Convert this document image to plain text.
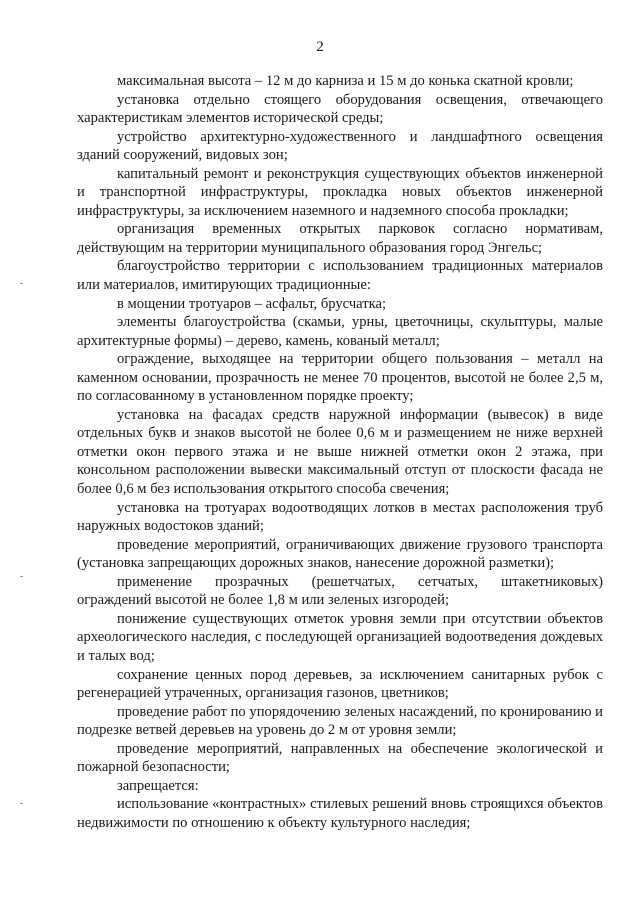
2

максимальная высота – 12 м до карниза и 15 м до конька скатной кровли;

установка отдельно стоящего оборудования освещения, отвечающего характеристикам элементов исторической среды;

устройство архитектурно-художественного и ландшафтного освещения зданий сооружений, видовых зон;

капитальный ремонт и реконструкция существующих объектов инженерной и транспортной инфраструктуры, прокладка новых объектов инженерной инфраструктуры, за исключением наземного и надземного способа прокладки;

организация временных открытых парковок согласно нормативам, действующим на территории муниципального образования город Энгельс;

благоустройство территории с использованием традиционных материалов или материалов, имитирующих традиционные:

в мощении тротуаров – асфальт, брусчатка;

элементы благоустройства (скамьи, урны, цветочницы, скульптуры, малые архитектурные формы) – дерево, камень, кованый металл;

ограждение, выходящее на территории общего пользования – металл на каменном основании, прозрачность не менее 70 процентов, высотой не более 2,5 м, по согласованному в установленном порядке проекту;

установка на фасадах средств наружной информации (вывесок) в виде отдельных букв и знаков высотой не более 0,6 м и размещением не ниже верхней отметки окон первого этажа и не выше нижней отметки окон 2 этажа, при консольном расположении вывески максимальный отступ от плоскости фасада не более 0,6 м без использования открытого способа свечения;

установка на тротуарах водоотводящих лотков в местах расположения труб наружных водостоков зданий;

проведение мероприятий, ограничивающих движение грузового транспорта (установка запрещающих дорожных знаков, нанесение дорожной разметки);

применение прозрачных (решетчатых, сетчатых, штакетниковых) ограждений высотой не более 1,8 м или зеленых изгородей;

понижение существующих отметок уровня земли при отсутствии объектов археологического наследия, с последующей организацией водоотведения дождевых и талых вод;

сохранение ценных пород деревьев, за исключением санитарных рубок с регенерацией утраченных, организация газонов, цветников;

проведение работ по упорядочению зеленых насаждений, по кронированию и подрезке ветвей деревьев на уровень до 2 м от уровня земли;

проведение мероприятий, направленных на обеспечение экологической и пожарной безопасности;

запрещается:

использование «контрастных» стилевых решений вновь строящихся объектов недвижимости по отношению к объекту культурного наследия;
